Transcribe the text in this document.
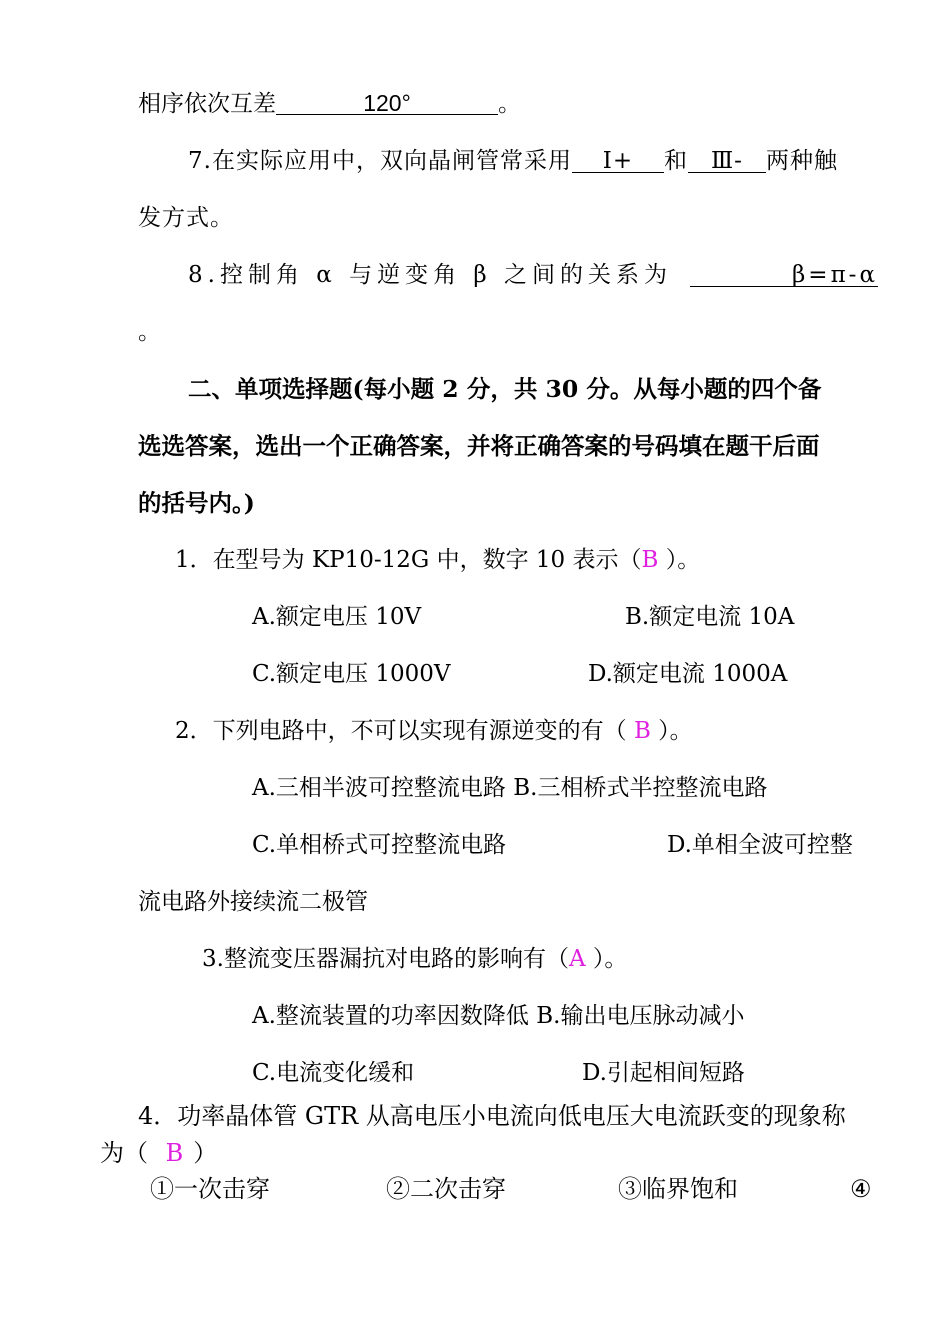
相序依次互差	120°	。
7.在实际应用中，双向晶闸管常采用 Ⅰ+ 和 Ⅲ- 两种触
发方式。
8.控制角 α 与逆变角 β 之间的关系为	β=π-α
。
二、单项选择题(每小题 2 分，共 30 分。从每小题的四个备
选选答案，选出一个正确答案，并将正确答案的号码填在题干后面
的括号内。)
1．在型号为 KP10-12G 中，数字 10 表示（B ）。
A.额定电压 10V	B.额定电流 10A
C.额定电压 1000V	D.额定电流 1000A
2．下列电路中，不可以实现有源逆变的有（ B ）。
A.三相半波可控整流电路 B.三相桥式半控整流电路
C.单相桥式可控整流电路	D.单相全波可控整
流电路外接续流二极管
3.整流变压器漏抗对电路的影响有（A ）。
A.整流装置的功率因数降低 B.输出电压脉动减小
C.电流变化缓和	D.引起相间短路
4．功率晶体管 GTR 从高电压小电流向低电压大电流跃变的现象称
为（ B ）
①一次击穿	②二次击穿	③临界饱和	④
